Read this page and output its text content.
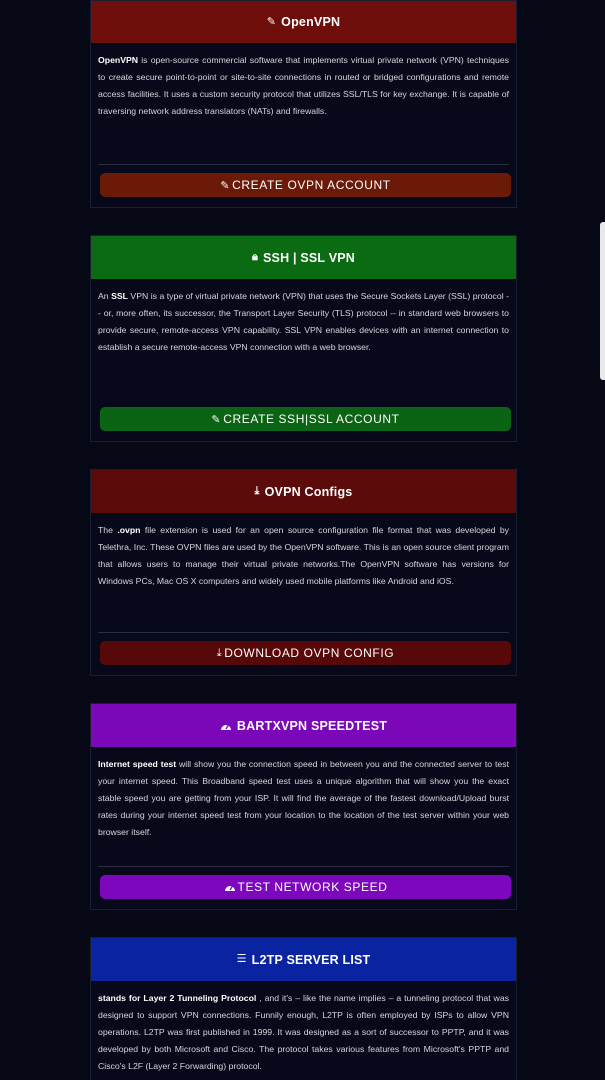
✎ OpenVPN
OpenVPN is open-source commercial software that implements virtual private network (VPN) techniques to create secure point-to-point or site-to-site connections in routed or bridged configurations and remote access facilities. It uses a custom security protocol that utilizes SSL/TLS for key exchange. It is capable of traversing network address translators (NATs) and firewalls.
✎ CREATE OVPN ACCOUNT
🔒︎ SSH | SSL VPN
An SSL VPN is a type of virtual private network (VPN) that uses the Secure Sockets Layer (SSL) protocol -- or, more often, its successor, the Transport Layer Security (TLS) protocol -- in standard web browsers to provide secure, remote-access VPN capability. SSL VPN enables devices with an internet connection to establish a secure remote-access VPN connection with a web browser.
✎ CREATE SSH|SSL ACCOUNT
⤓ OVPN Configs
The .ovpn file extension is used for an open source configuration file format that was developed by Telethra, Inc. These OVPN files are used by the OpenVPN software. This is an open source client program that allows users to manage their virtual private networks.The OpenVPN software has versions for Windows PCs, Mac OS X computers and widely used mobile platforms like Android and iOS.
⤓ DOWNLOAD OVPN CONFIG
BARTXVPN SPEEDTEST
Internet speed test will show you the connection speed in between you and the connected server to test your internet speed. This Broadband speed test uses a unique algorithm that will show you the exact stable speed you are getting from your ISP. It will find the average of the fastest download/Upload burst rates during your internet speed test from your location to the location of the test server within your web browser itself.
TEST NETWORK SPEED
☰ L2TP SERVER LIST
stands for Layer 2 Tunneling Protocol , and it's – like the name implies – a tunneling protocol that was designed to support VPN connections. Funnily enough, L2TP is often employed by ISPs to allow VPN operations. L2TP was first published in 1999. It was designed as a sort of successor to PPTP, and it was developed by both Microsoft and Cisco. The protocol takes various features from Microsoft's PPTP and Cisco's L2F (Layer 2 Forwarding) protocol.
